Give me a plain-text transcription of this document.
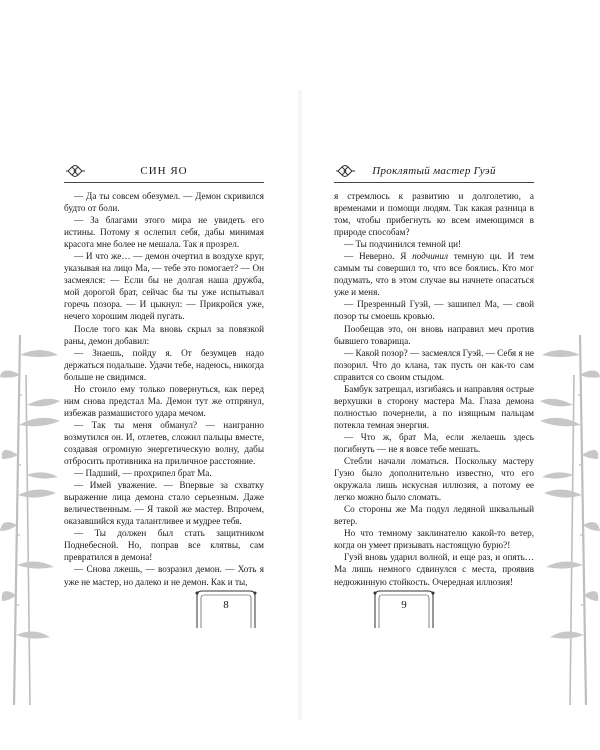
СИН ЯО

— Да ты совсем обезумел. — Демон скривился будто от боли.

— За благами этого мира не увидеть его истины. Потому я ослепил себя, дабы минимая красота мне более не мешала. Так я прозрел.

— И что же… — демон очертил в воздухе круг, указывая на лицо Ма, — тебе это помогает? — Он засмеялся: — Если бы не долгая наша дружба, мой дорогой брат, сейчас бы ты уже испытывал горечь позора. — И цыкнул: — Прикройся уже, нечего хорошим людей пугать.

После того как Ма вновь скрыл за повязкой раны, демон добавил:

— Знаешь, пойду я. От безумцев надо держаться подальше. Удачи тебе, надеюсь, никогда больше не свидимся.

Но стоило ему только повернуться, как перед ним снова предстал Ма. Демон тут же отпрянул, избежав размашистого удара мечом.

— Так ты меня обманул? — наигранно возмутился он. И, отлетев, сложил пальцы вместе, создавая огромную энергетическую волну, дабы отбросить противника на приличное расстояние.

— Падший, — прохрипел брат Ма.

— Имей уважение. — Впервые за схватку выражение лица демона стало серьезным. Даже величественным. — Я такой же мастер. Впрочем, оказавшийся куда талантливее и мудрее тебя.

— Ты должен был стать защитником Поднебесной. Но, поправ все клятвы, сам превратился в демона!

— Снова лжешь, — возразил демон. — Хоть я уже не мастер, но далеко и не демон. Как и ты,

Проклятый мастер Гуэй

я стремлюсь к развитию и долголетию, а временами и помощи людям. Так какая разница в том, чтобы прибегнуть ко всем имеющимся в природе способам?

— Ты подчинился темной ци!

— Неверно. Я подчинил темную ци. И тем самым ты совершил то, что все боялись. Кто мог подумать, что в этом случае вы начнете опасаться уже и меня.

— Презренный Гуэй, — зашипел Ма, — свой позор ты смоешь кровью.

Пообещав это, он вновь направил меч против бывшего товарища.

— Какой позор? — засмеялся Гуэй. — Себя я не позорил. Что до клана, так пусть он как-то сам справится со своим стыдом.

Бамбук затрещал, изгибаясь и направляя острые верхушки в сторону мастера Ма. Глаза демона полностью почернели, а по изящным пальцам потекла темная энергия.

— Что ж, брат Ма, если желаешь здесь погибнуть — не я вовсе тебе мешать.

Стебли начали ломаться. Поскольку мастеру Гуэю было дополнительно известно, что его окружала лишь искусная иллюзия, а потому ее легко можно было сломать.

Со стороны же Ма подул ледяной шквальный ветер.

Но что темному заклинателю какой-то ветер, когда он умеет призывать настоящую бурю?!

Гуэй вновь ударил волной, и еще раз, и опять… Ма лишь немного сдвинулся с места, проявив недюжинную стойкость. Очередная иллюзия!

8	9
